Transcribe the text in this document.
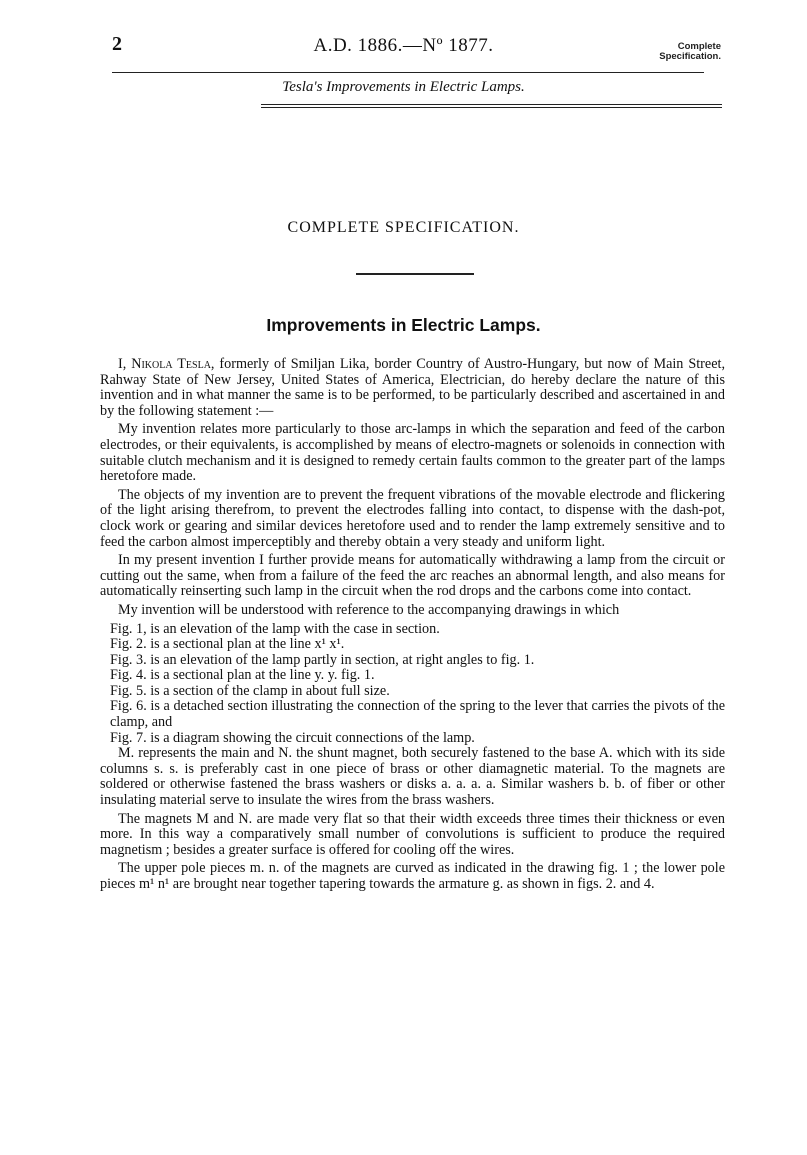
2	A.D. 1886.—Nº 1877.	Complete
Specification.
Tesla's Improvements in Electric Lamps.
COMPLETE SPECIFICATION.
Improvements in Electric Lamps.

I, Nikola Tesla, formerly of Smiljan Lika, border Country of Austro-Hungary, but now of Main Street, Rahway State of New Jersey, United States of America, Electrician, do hereby declare the nature of this invention and in what manner the same is to be performed, to be particularly described and ascertained in and by the following statement :—

My invention relates more particularly to those arc-lamps in which the separation and feed of the carbon electrodes, or their equivalents, is accomplished by means of electro-magnets or solenoids in connection with suitable clutch mechanism and it is designed to remedy certain faults common to the greater part of the lamps heretofore made.

The objects of my invention are to prevent the frequent vibrations of the movable electrode and flickering of the light arising therefrom, to prevent the electrodes falling into contact, to dispense with the dash-pot, clock work or gearing and similar devices heretofore used and to render the lamp extremely sensitive and to feed the carbon almost imperceptibly and thereby obtain a very steady and uniform light.

In my present invention I further provide means for automatically withdrawing a lamp from the circuit or cutting out the same, when from a failure of the feed the arc reaches an abnormal length, and also means for automatically reinserting such lamp in the circuit when the rod drops and the carbons come into contact.

My invention will be understood with reference to the accompanying drawings in which

Fig. 1, is an elevation of the lamp with the case in section.

Fig. 2. is a sectional plan at the line x¹ x¹.

Fig. 3. is an elevation of the lamp partly in section, at right angles to fig. 1.

Fig. 4. is a sectional plan at the line y. y. fig. 1.

Fig. 5. is a section of the clamp in about full size.

Fig. 6. is a detached section illustrating the connection of the spring to the lever that carries the pivots of the clamp, and

Fig. 7. is a diagram showing the circuit connections of the lamp.

M. represents the main and N. the shunt magnet, both securely fastened to the base A. which with its side columns s. s. is preferably cast in one piece of brass or other diamagnetic material. To the magnets are soldered or otherwise fastened the brass washers or disks a. a. a. a. Similar washers b. b. of fiber or other insulating material serve to insulate the wires from the brass washers.

The magnets M and N. are made very flat so that their width exceeds three times their thickness or even more. In this way a comparatively small number of convolutions is sufficient to produce the required magnetism ; besides a greater surface is offered for cooling off the wires.

The upper pole pieces m. n. of the magnets are curved as indicated in the drawing fig. 1 ; the lower pole pieces m¹ n¹ are brought near together tapering towards the armature g. as shown in figs. 2. and 4.
